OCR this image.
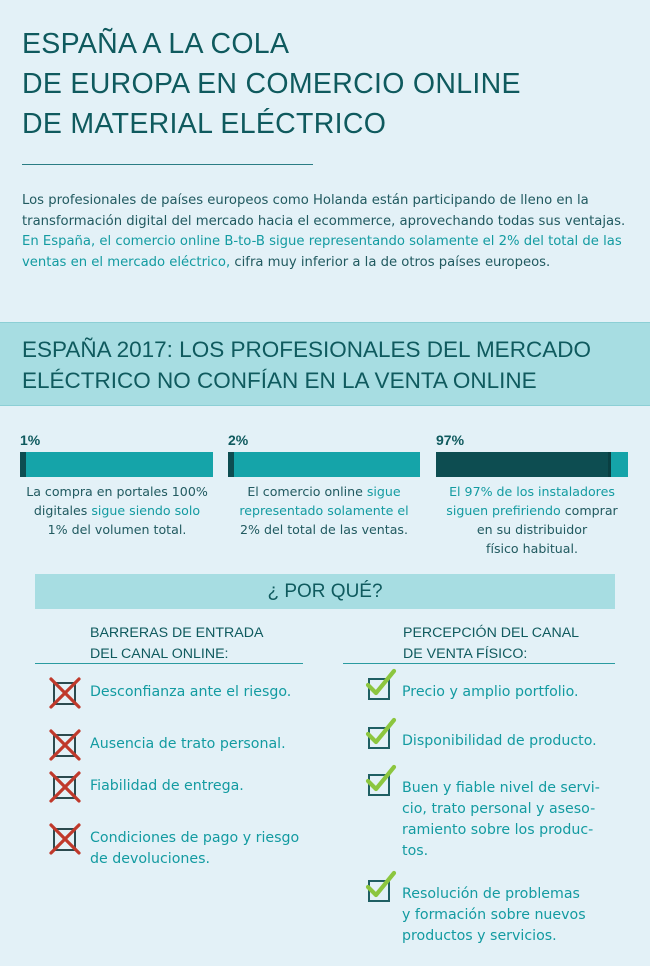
ESPAÑA A LA COLA
DE EUROPA EN COMERCIO ONLINE
DE MATERIAL ELÉCTRICO

Los profesionales de países europeos como Holanda están participando de lleno en la transformación digital del mercado hacia el ecommerce, aprovechando todas sus ventajas. En España, el comercio online B-to-B sigue representando solamente el 2% del total de las ventas en el mercado eléctrico, cifra muy inferior a la de otros países europeos.

ESPAÑA 2017: LOS PROFESIONALES DEL MERCADO
ELÉCTRICO NO CONFÍAN EN LA VENTA ONLINE
1%
La compra en portales 100%
digitales sigue siendo solo
1% del volumen total.
2%
El comercio online sigue
representado solamente el
2% del total de las ventas.
97%
El 97% de los instaladores
siguen prefiriendo comprar
en su distribuidor
físico habitual.
¿ POR QUÉ?
BARRERAS DE ENTRADA
DEL CANAL ONLINE:
PERCEPCIÓN DEL CANAL
DE VENTA FÍSICO:
Desconfianza ante el riesgo.
Ausencia de trato personal.
Fiabilidad de entrega.
Condiciones de pago y riesgo
de devoluciones.
Precio y amplio portfolio.
Disponibilidad de producto.
Buen y fiable nivel de servi-
cio, trato personal y aseso-
ramiento sobre los produc-
tos.
Resolución de problemas
y formación sobre nuevos
productos y servicios.
